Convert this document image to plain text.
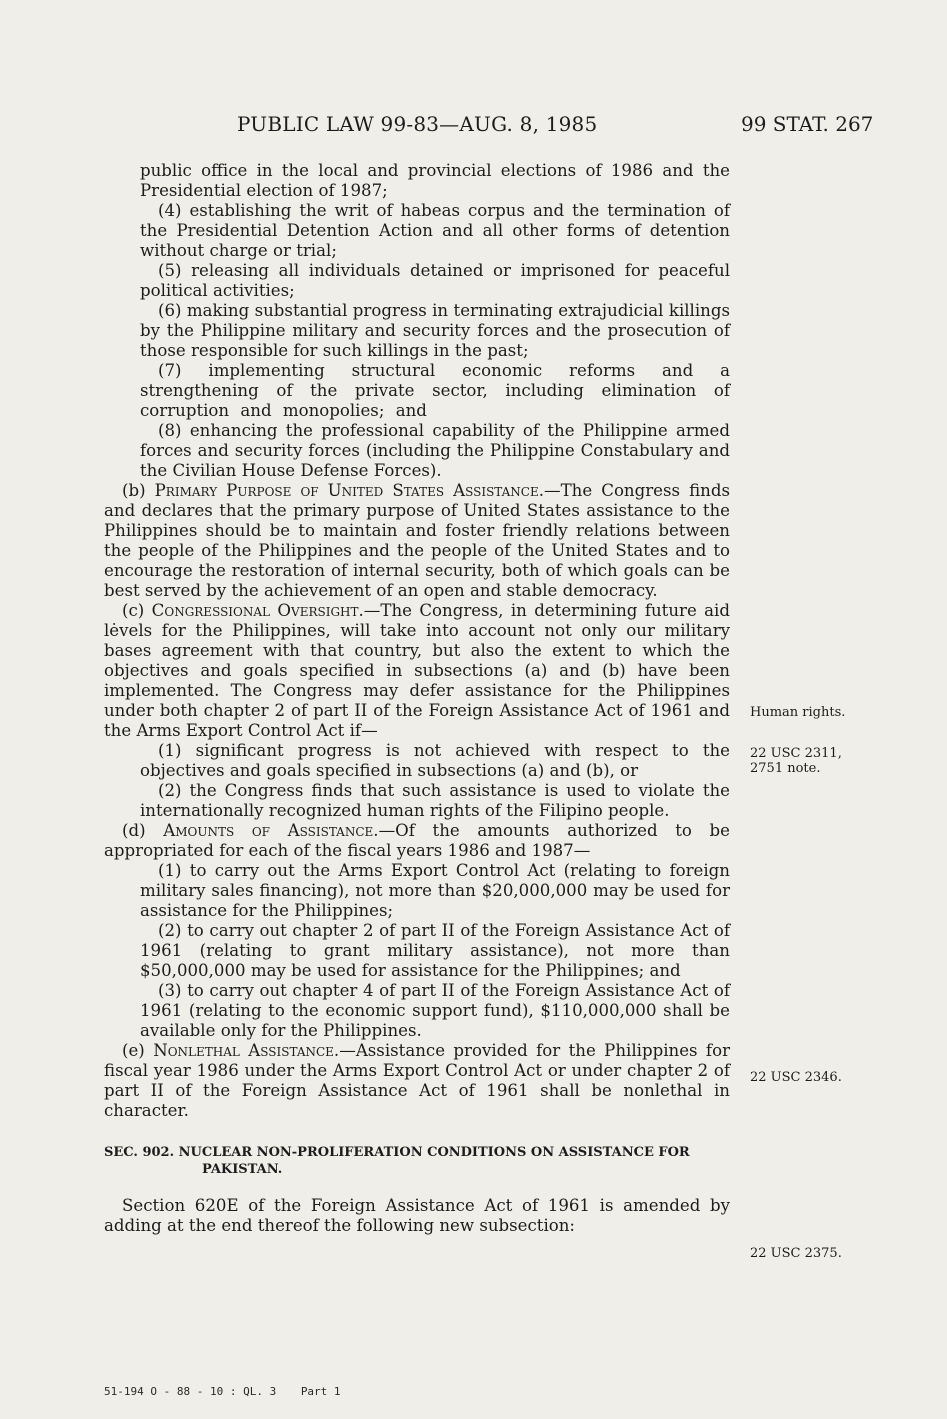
PUBLIC LAW 99-83—AUG. 8, 1985	99 STAT. 267

public office in the local and provincial elections of 1986 and the Presidential election of 1987;

(4) establishing the writ of habeas corpus and the termination of the Presidential Detention Action and all other forms of detention without charge or trial;

(5) releasing all individuals detained or imprisoned for peaceful political activities;

(6) making substantial progress in terminating extrajudicial killings by the Philippine military and security forces and the prosecution of those responsible for such killings in the past;

(7) implementing structural economic reforms and a strengthening of the private sector, including elimination of corruption and monopolies; and

(8) enhancing the professional capability of the Philippine armed forces and security forces (including the Philippine Constabulary and the Civilian House Defense Forces).

(b) Primary Purpose of United States Assistance.—The Congress finds and declares that the primary purpose of United States assistance to the Philippines should be to maintain and foster friendly relations between the people of the Philippines and the people of the United States and to encourage the restoration of internal security, both of which goals can be best served by the achievement of an open and stable democracy.

(c) Congressional Oversight.—The Congress, in determining future aid lėvels for the Philippines, will take into account not only our military bases agreement with that country, but also the extent to which the objectives and goals specified in subsections (a) and (b) have been implemented. The Congress may defer assistance for the Philippines under both chapter 2 of part II of the Foreign Assistance Act of 1961 and the Arms Export Control Act if—

(1) significant progress is not achieved with respect to the objectives and goals specified in subsections (a) and (b), or

(2) the Congress finds that such assistance is used to violate the internationally recognized human rights of the Filipino people.

(d) Amounts of Assistance.—Of the amounts authorized to be appropriated for each of the fiscal years 1986 and 1987—

(1) to carry out the Arms Export Control Act (relating to foreign military sales financing), not more than $20,000,000 may be used for assistance for the Philippines;

(2) to carry out chapter 2 of part II of the Foreign Assistance Act of 1961 (relating to grant military assistance), not more than $50,000,000 may be used for assistance for the Philippines; and

(3) to carry out chapter 4 of part II of the Foreign Assistance Act of 1961 (relating to the economic support fund), $110,000,000 shall be available only for the Philippines.

(e) Nonlethal Assistance.—Assistance provided for the Philippines for fiscal year 1986 under the Arms Export Control Act or under chapter 2 of part II of the Foreign Assistance Act of 1961 shall be nonlethal in character.

SEC. 902. NUCLEAR NON-PROLIFERATION CONDITIONS ON ASSISTANCE FOR PAKISTAN.

Section 620E of the Foreign Assistance Act of 1961 is amended by adding at the end thereof the following new subsection:

Human rights.
22 USC 2311, 2751 note.
22 USC 2346.
22 USC 2375.
51-194 O - 88 - 10 : QL. 3 Part 1
